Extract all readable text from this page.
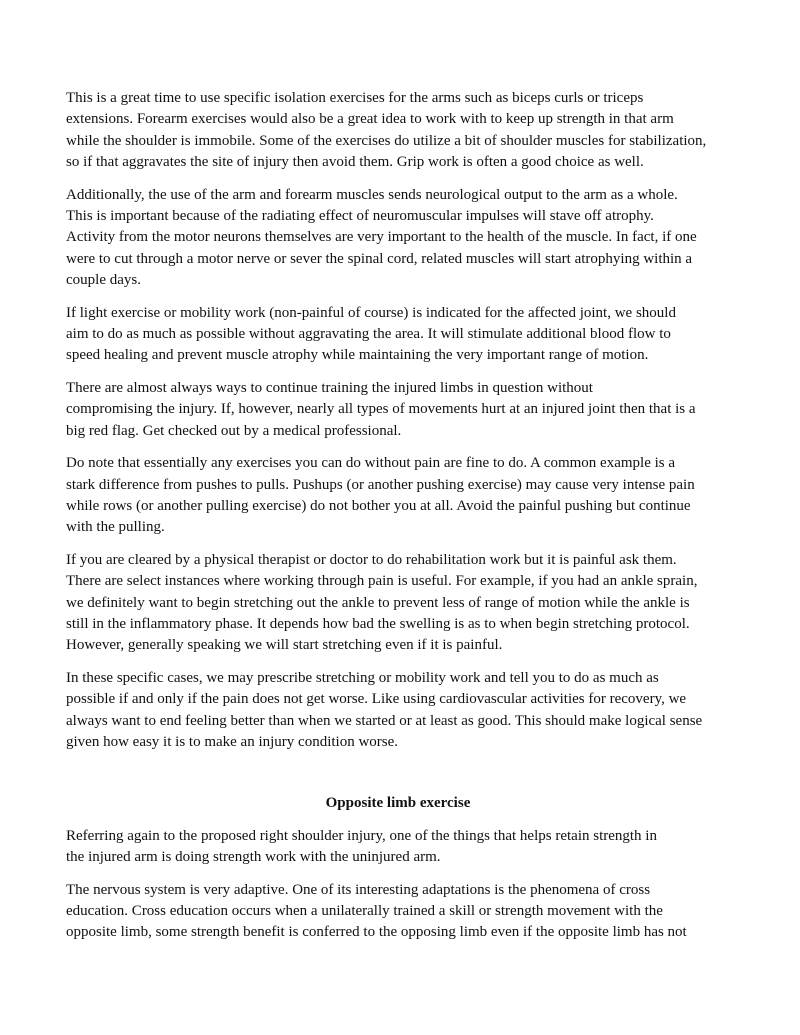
This is a great time to use specific isolation exercises for the arms such as biceps curls or triceps
extensions. Forearm exercises would also be a great idea to work with to keep up strength in that arm
while the shoulder is immobile. Some of the exercises do utilize a bit of shoulder muscles for stabilization,
so if that aggravates the site of injury then avoid them. Grip work is often a good choice as well.

Additionally, the use of the arm and forearm muscles sends neurological output to the arm as a whole.
This is important because of the radiating effect of neuromuscular impulses will stave off atrophy.
Activity from the motor neurons themselves are very important to the health of the muscle. In fact, if one
were to cut through a motor nerve or sever the spinal cord, related muscles will start atrophying within a
couple days.

If light exercise or mobility work (non-painful of course) is indicated for the affected joint, we should
aim to do as much as possible without aggravating the area. It will stimulate additional blood flow to
speed healing and prevent muscle atrophy while maintaining the very important range of motion.

There are almost always ways to continue training the injured limbs in question without
compromising the injury. If, however, nearly all types of movements hurt at an injured joint then that is a
big red flag. Get checked out by a medical professional.

Do note that essentially any exercises you can do without pain are fine to do. A common example is a
stark difference from pushes to pulls. Pushups (or another pushing exercise) may cause very intense pain
while rows (or another pulling exercise) do not bother you at all. Avoid the painful pushing but continue
with the pulling.

If you are cleared by a physical therapist or doctor to do rehabilitation work but it is painful ask them.
There are select instances where working through pain is useful. For example, if you had an ankle sprain,
we definitely want to begin stretching out the ankle to prevent less of range of motion while the ankle is
still in the inflammatory phase. It depends how bad the swelling is as to when begin stretching protocol.
However, generally speaking we will start stretching even if it is painful.

In these specific cases, we may prescribe stretching or mobility work and tell you to do as much as
possible if and only if the pain does not get worse. Like using cardiovascular activities for recovery, we
always want to end feeling better than when we started or at least as good. This should make logical sense
given how easy it is to make an injury condition worse.

Opposite limb exercise

Referring again to the proposed right shoulder injury, one of the things that helps retain strength in
the injured arm is doing strength work with the uninjured arm.

The nervous system is very adaptive. One of its interesting adaptations is the phenomena of cross
education. Cross education occurs when a unilaterally trained a skill or strength movement with the
opposite limb, some strength benefit is conferred to the opposing limb even if the opposite limb has not
